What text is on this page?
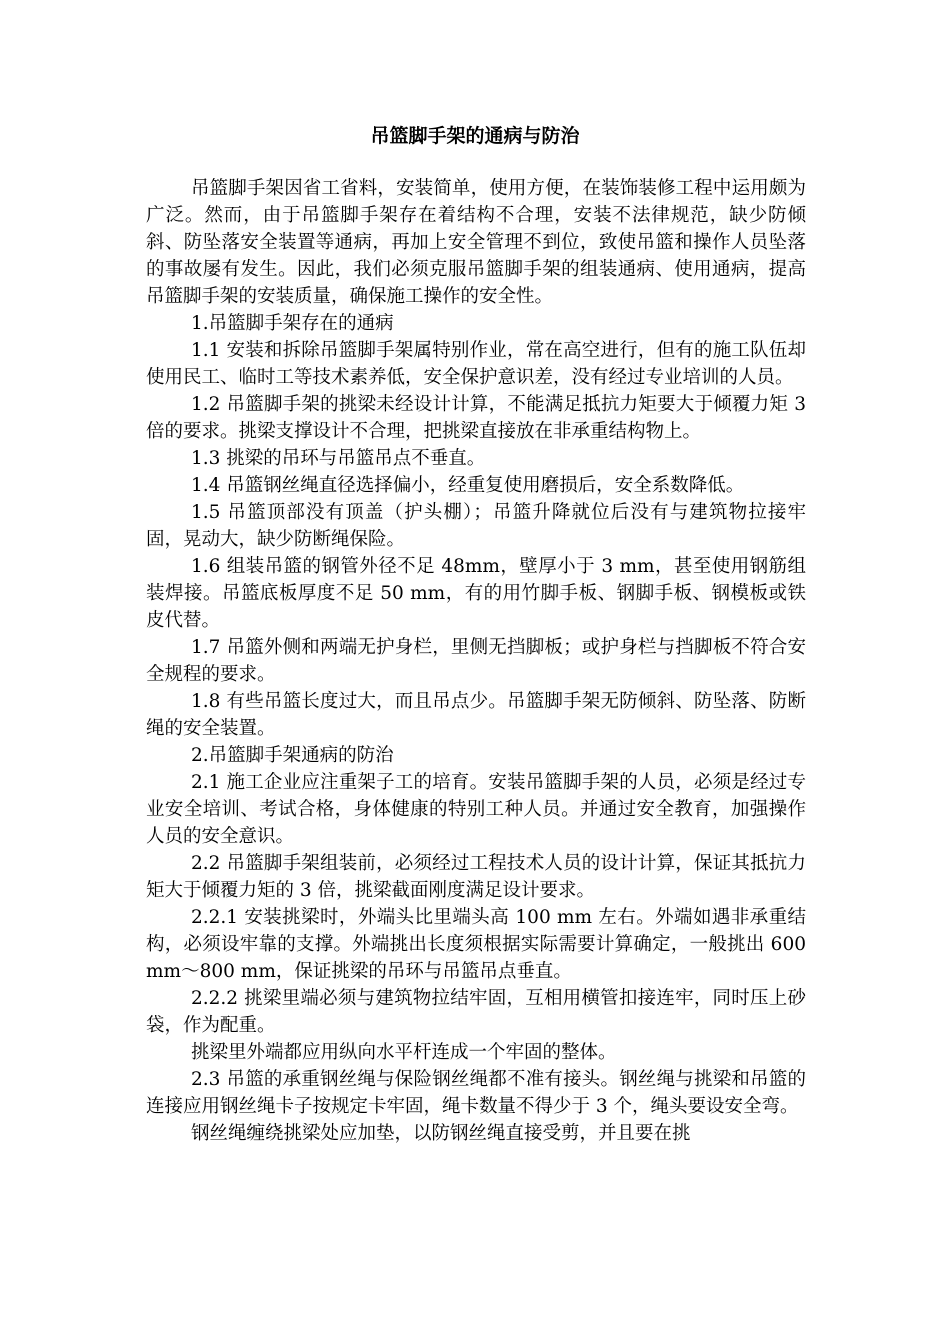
吊篮脚手架的通病与防治

吊篮脚手架因省工省料，安装简单，使用方便，在装饰装修工程中运用颇为广泛。然而，由于吊篮脚手架存在着结构不合理，安装不法律规范，缺少防倾斜、防坠落安全装置等通病，再加上安全管理不到位，致使吊篮和操作人员坠落的事故屡有发生。因此，我们必须克服吊篮脚手架的组装通病、使用通病，提高吊篮脚手架的安装质量，确保施工操作的安全性。

1.吊篮脚手架存在的通病

1.1 安装和拆除吊篮脚手架属特别作业，常在高空进行，但有的施工队伍却使用民工、临时工等技术素养低，安全保护意识差，没有经过专业培训的人员。

1.2 吊篮脚手架的挑梁未经设计计算，不能满足抵抗力矩要大于倾覆力矩 3 倍的要求。挑梁支撑设计不合理，把挑梁直接放在非承重结构物上。

1.3 挑梁的吊环与吊篮吊点不垂直。

1.4 吊篮钢丝绳直径选择偏小，经重复使用磨损后，安全系数降低。

1.5 吊篮顶部没有顶盖（护头棚）；吊篮升降就位后没有与建筑物拉接牢固，晃动大，缺少防断绳保险。

1.6 组装吊篮的钢管外径不足 48mm，壁厚小于 3 mm，甚至使用钢筋组装焊接。吊篮底板厚度不足 50 mm，有的用竹脚手板、钢脚手板、钢模板或铁皮代替。

1.7 吊篮外侧和两端无护身栏，里侧无挡脚板；或护身栏与挡脚板不符合安全规程的要求。

1.8 有些吊篮长度过大，而且吊点少。吊篮脚手架无防倾斜、防坠落、防断绳的安全装置。

2.吊篮脚手架通病的防治

2.1 施工企业应注重架子工的培育。安装吊篮脚手架的人员，必须是经过专业安全培训、考试合格，身体健康的特别工种人员。并通过安全教育，加强操作人员的安全意识。

2.2 吊篮脚手架组装前，必须经过工程技术人员的设计计算，保证其抵抗力矩大于倾覆力矩的 3 倍，挑梁截面刚度满足设计要求。

2.2.1 安装挑梁时，外端头比里端头高 100 mm 左右。外端如遇非承重结构，必须设牢靠的支撑。外端挑出长度须根据实际需要计算确定，一般挑出 600 mm～800 mm，保证挑梁的吊环与吊篮吊点垂直。

2.2.2 挑梁里端必须与建筑物拉结牢固，互相用横管扣接连牢，同时压上砂袋，作为配重。

挑梁里外端都应用纵向水平杆连成一个牢固的整体。

2.3 吊篮的承重钢丝绳与保险钢丝绳都不准有接头。钢丝绳与挑梁和吊篮的连接应用钢丝绳卡子按规定卡牢固，绳卡数量不得少于 3 个，绳头要设安全弯。

钢丝绳缠绕挑梁处应加垫，以防钢丝绳直接受剪，并且要在挑
